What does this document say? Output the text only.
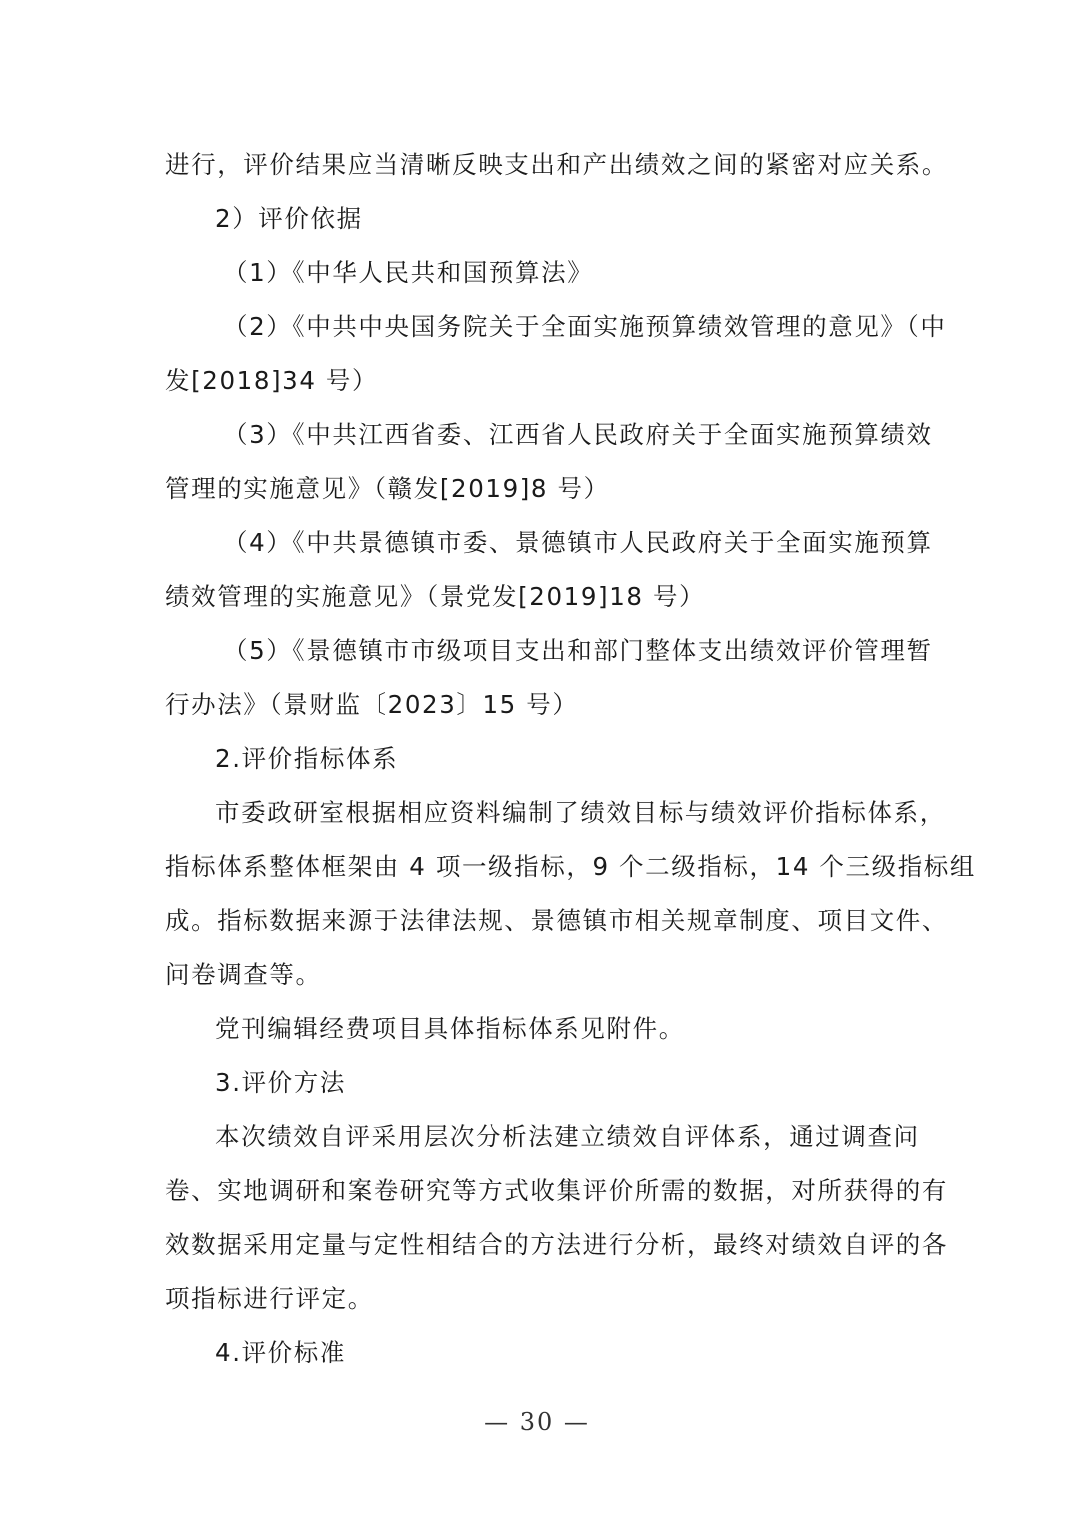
进行，评价结果应当清晰反映支出和产出绩效之间的紧密对应关系。
2）评价依据
（1）《中华人民共和国预算法》
（2）《中共中央国务院关于全面实施预算绩效管理的意见》（中
发[2018]34 号）
（3）《中共江西省委、江西省人民政府关于全面实施预算绩效
管理的实施意见》（赣发[2019]8 号）
（4）《中共景德镇市委、景德镇市人民政府关于全面实施预算
绩效管理的实施意见》（景党发[2019]18 号）
（5）《景德镇市市级项目支出和部门整体支出绩效评价管理暂
行办法》（景财监〔2023〕15 号）
2.评价指标体系
市委政研室根据相应资料编制了绩效目标与绩效评价指标体系，
指标体系整体框架由 4 项一级指标，9 个二级指标，14 个三级指标组
成。指标数据来源于法律法规、景德镇市相关规章制度、项目文件、
问卷调查等。
党刊编辑经费项目具体指标体系见附件。
3.评价方法
本次绩效自评采用层次分析法建立绩效自评体系，通过调查问
卷、实地调研和案卷研究等方式收集评价所需的数据，对所获得的有
效数据采用定量与定性相结合的方法进行分析，最终对绩效自评的各
项指标进行评定。
4.评价标准
— 30 —
